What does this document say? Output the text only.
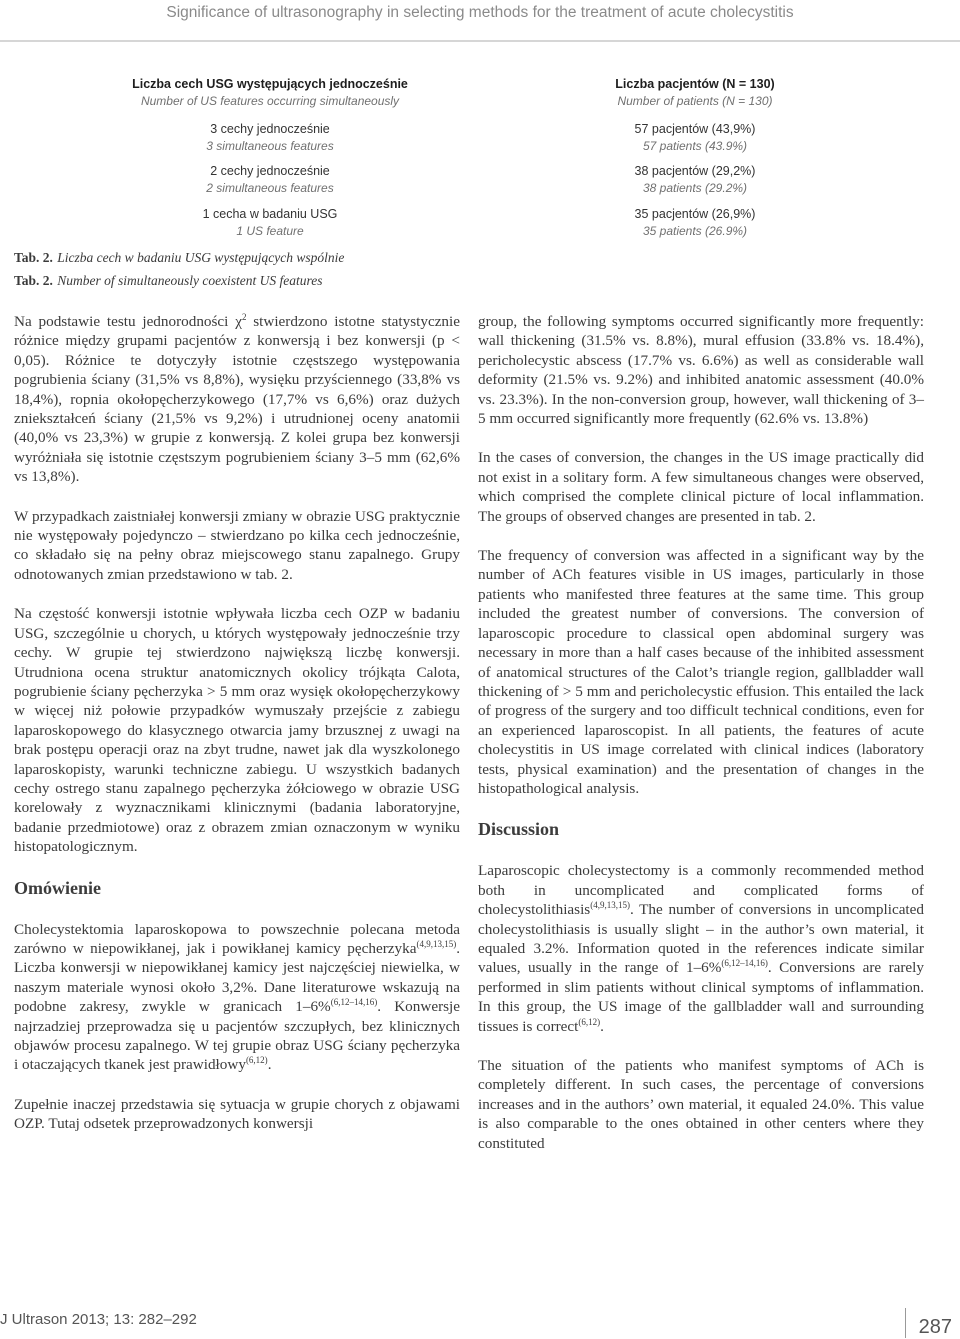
Significance of ultrasonography in selecting methods for the treatment of acute cholecystitis
Liczba cech USG występujących jednocześnie
Number of US features occurring simultaneously
Liczba pacjentów (N = 130)
Number of patients (N = 130)
3 cechy jednocześnie
3 simultaneous features
57 pacjentów (43,9%)
57 patients (43.9%)
2 cechy jednocześnie
2 simultaneous features
38 pacjentów (29,2%)
38 patients (29.2%)
1 cecha w badaniu USG
1 US feature
35 pacjentów (26,9%)
35 patients (26.9%)
Tab. 2. Liczba cech w badaniu USG występujących wspólnie
Tab. 2. Number of simultaneously coexistent US features

Na podstawie testu jednorodności $\chi^2$ stwierdzono istotne statystycznie różnice między grupami pacjentów z konwersją i bez konwersji (p < 0,05). Różnice te dotyczyły istotnie częstszego występowania pogrubienia ściany (31,5% vs 8,8%), wysięku przyściennego (33,8% vs 18,4%), ropnia okołopęcherzykowego (17,7% vs 6,6%) oraz dużych zniekształceń ściany (21,5% vs 9,2%) i utrudnionej oceny anatomii (40,0% vs 23,3%) w grupie z konwersją. Z kolei grupa bez konwersji wyróżniała się istotnie częstszym pogrubieniem ściany 3–5 mm (62,6% vs 13,8%).

W przypadkach zaistniałej konwersji zmiany w obrazie USG praktycznie nie występowały pojedynczo – stwierdzano po kilka cech jednocześnie, co składało się na pełny obraz miejscowego stanu zapalnego. Grupy odnotowanych zmian przedstawiono w tab. 2.

Na częstość konwersji istotnie wpływała liczba cech OZP w badaniu USG, szczególnie u chorych, u których występowały jednocześnie trzy cechy. W grupie tej stwierdzono największą liczbę konwersji. Utrudniona ocena struktur anatomicznych okolicy trójkąta Calota, pogrubienie ściany pęcherzyka > 5 mm oraz wysięk okołopęcherzykowy w więcej niż połowie przypadków wymuszały przejście z zabiegu laparoskopowego do klasycznego otwarcia jamy brzusznej z uwagi na brak postępu operacji oraz na zbyt trudne, nawet jak dla wyszkolonego laparoskopisty, warunki techniczne zabiegu. U wszystkich badanych cechy ostrego stanu zapalnego pęcherzyka żółciowego w obrazie USG korelowały z wyznacznikami klinicznymi (badania laboratoryjne, badanie przedmiotowe) oraz z obrazem zmian oznaczonym w wyniku histopatologicznym.

Omówienie

Cholecystektomia laparoskopowa to powszechnie polecana metoda zarówno w niepowikłanej, jak i powikłanej kamicy pęcherzyka$^{(4,9,13,15)}$. Liczba konwersji w niepowikłanej kamicy jest najczęściej niewielka, w naszym materiale wynosi około 3,2%. Dane literaturowe wskazują na podobne zakresy, zwykle w granicach 1–6%$^{(6,12-14,16)}$. Konwersje najrzadziej przeprowadza się u pacjentów szczupłych, bez klinicznych objawów procesu zapalnego. W tej grupie obraz USG ściany pęcherzyka i otaczających tkanek jest prawidłowy$^{(6,12)}$.

Zupełnie inaczej przedstawia się sytuacja w grupie chorych z objawami OZP. Tutaj odsetek przeprowadzonych konwersji

group, the following symptoms occurred significantly more frequently: wall thickening (31.5% vs. 8.8%), mural effusion (33.8% vs. 18.4%), pericholecystic abscess (17.7% vs. 6.6%) as well as considerable wall deformity (21.5% vs. 9.2%) and inhibited anatomic assessment (40.0% vs. 23.3%). In the non-conversion group, however, wall thickening of 3–5 mm occurred significantly more frequently (62.6% vs. 13.8%)

In the cases of conversion, the changes in the US image practically did not exist in a solitary form. A few simultaneous changes were observed, which comprised the complete clinical picture of local inflammation. The groups of observed changes are presented in tab. 2.

The frequency of conversion was affected in a significant way by the number of ACh features visible in US images, particularly in those patients who manifested three features at the same time. This group included the greatest number of conversions. The conversion of laparoscopic procedure to classical open abdominal surgery was necessary in more than a half cases because of the inhibited assessment of anatomical structures of the Calot’s triangle region, gallbladder wall thickening of > 5 mm and pericholecystic effusion. This entailed the lack of progress of the surgery and too difficult technical conditions, even for an experienced laparoscopist. In all patients, the features of acute cholecystitis in US image correlated with clinical indices (laboratory tests, physical examination) and the presentation of changes in the histopathological analysis.

Discussion

Laparoscopic cholecystectomy is a commonly recommended method both in uncomplicated and complicated forms of cholecystolithiasis$^{(4,9,13,15)}$. The number of conversions in uncomplicated cholecystolithiasis is usually slight – in the author’s own material, it equaled 3.2%. Information quoted in the references indicate similar values, usually in the range of 1–6%$^{(6,12-14,16)}$. Conversions are rarely performed in slim patients without clinical symptoms of inflammation. In this group, the US image of the gallbladder wall and surrounding tissues is correct$^{(6,12)}$.

The situation of the patients who manifest symptoms of ACh is completely different. In such cases, the percentage of conversions increases and in the authors’ own material, it equaled 24.0%. This value is also comparable to the ones obtained in other centers where they constituted

J Ultrason 2013; 13: 282–292	287
